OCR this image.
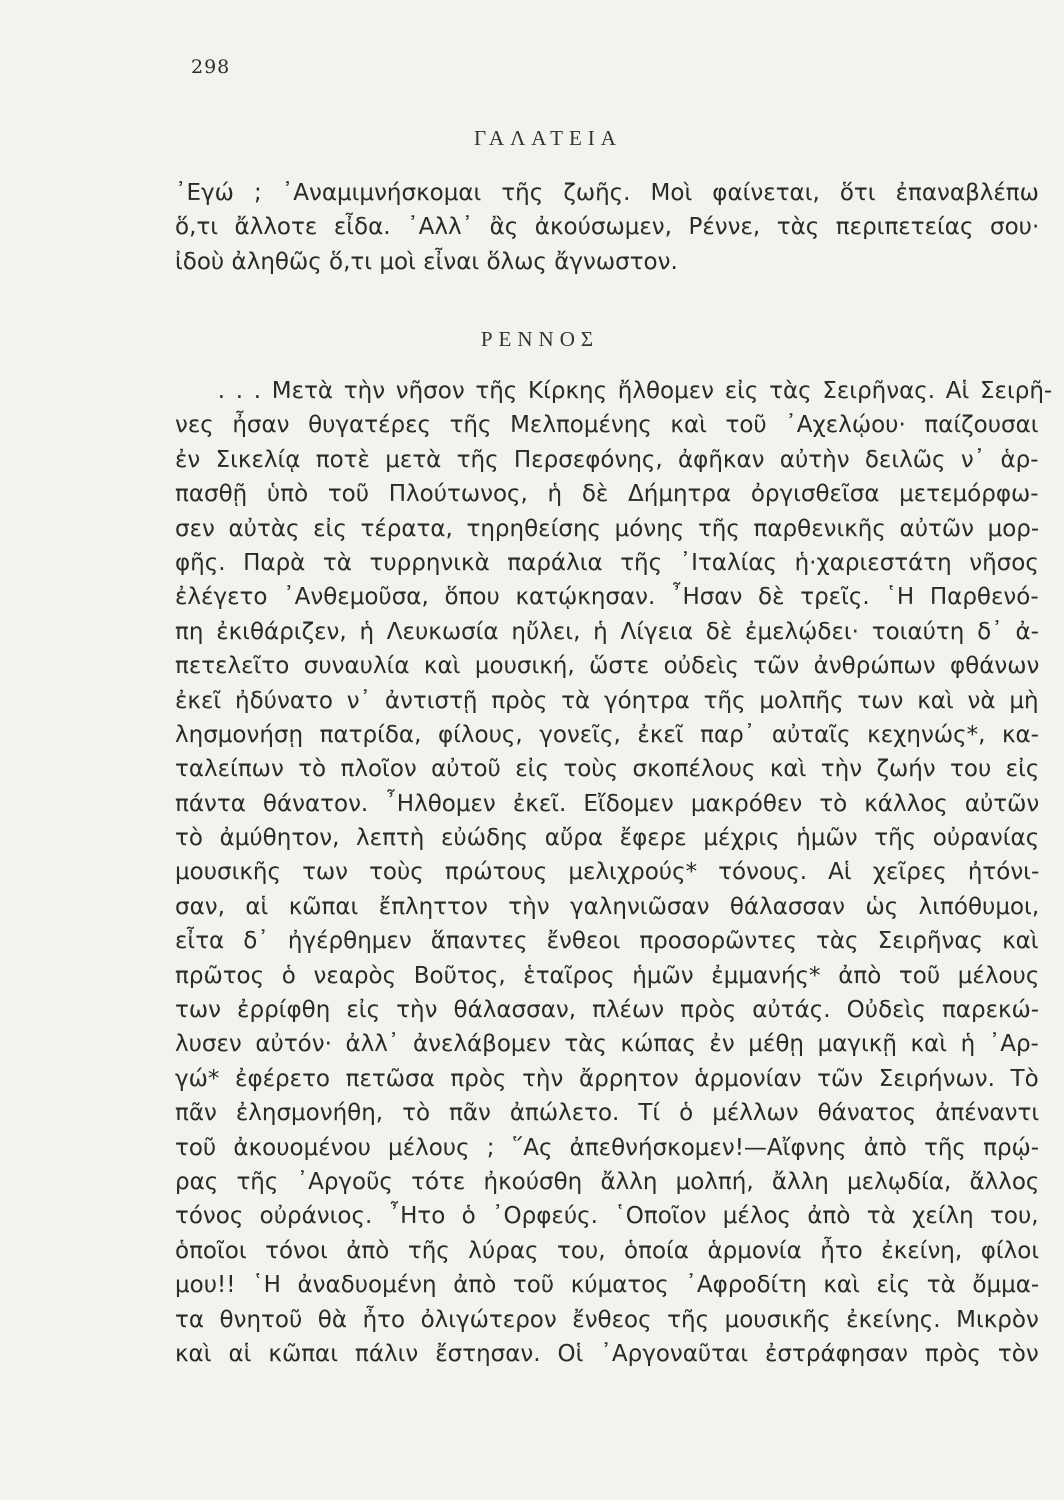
298
ΓΑΛΑΤΕΙΑ
᾿Εγώ ; ᾿Αναμιμνήσκομαι τῆς ζωῆς. Μοὶ φαίνεται, ὅτι ἐπαναβλέπω
ὅ,τι ἄλλοτε εἶδα. ᾿Αλλ᾿ ἂς ἀκούσωμεν, Ρέννε, τὰς περιπετείας σου·
ἰδοὺ ἀληθῶς ὅ,τι μοὶ εἶναι ὅλως ἄγνωστον.
ΡΕΝΝΟΣ
. . . Μετὰ τὴν νῆσον τῆς Κίρκης ἤλθομεν εἰς τὰς Σειρῆνας. Αἱ Σειρῆ-
νες ἦσαν θυγατέρες τῆς Μελπομένης καὶ τοῦ ᾿Αχελῴου· παίζουσαι
ἐν Σικελίᾳ ποτὲ μετὰ τῆς Περσεφόνης, ἀφῆκαν αὐτὴν δειλῶς ν᾿ ἁρ-
πασθῇ ὑπὸ τοῦ Πλούτωνος, ἡ δὲ Δήμητρα ὀργισθεῖσα μετεμόρφω-
σεν αὐτὰς εἰς τέρατα, τηρηθείσης μόνης τῆς παρθενικῆς αὐτῶν μορ-
φῆς. Παρὰ τὰ τυρρηνικὰ παράλια τῆς ᾿Ιταλίας ἡ·χαριεστάτη νῆσος
ἐλέγετο ᾿Ανθεμοῦσα, ὅπου κατῴκησαν. ῏Ησαν δὲ τρεῖς. ῾Η Παρθενό-
πη ἐκιθάριζεν, ἡ Λευκωσία ηὔλει, ἡ Λίγεια δὲ ἐμελῴδει· τοιαύτη δ᾿ ἀ-
πετελεῖτο συναυλία καὶ μουσική, ὥστε οὐδεὶς τῶν ἀνθρώπων φθάνων
ἐκεῖ ἠδύνατο ν᾿ ἀντιστῇ πρὸς τὰ γόητρα τῆς μολπῆς των καὶ νὰ μὴ
λησμονήσῃ πατρίδα, φίλους, γονεῖς, ἐκεῖ παρ᾿ αὐταῖς κεχηνώς*, κα-
ταλείπων τὸ πλοῖον αὐτοῦ εἰς τοὺς σκοπέλους καὶ τὴν ζωήν του εἰς
πάντα θάνατον. ῏Ηλθομεν ἐκεῖ. Εἴδομεν μακρόθεν τὸ κάλλος αὐτῶν
τὸ ἀμύθητον, λεπτὴ εὐώδης αὔρα ἔφερε μέχρις ἡμῶν τῆς οὐρανίας
μουσικῆς των τοὺς πρώτους μελιχρούς* τόνους. Αἱ χεῖρες ἠτόνι-
σαν, αἱ κῶπαι ἔπληττον τὴν γαληνιῶσαν θάλασσαν ὡς λιπόθυμοι,
εἶτα δ᾿ ἠγέρθημεν ἅπαντες ἔνθεοι προσορῶντες τὰς Σειρῆνας καὶ
πρῶτος ὁ νεαρὸς Βοῦτος, ἑταῖρος ἡμῶν ἐμμανής* ἀπὸ τοῦ μέλους
των ἐρρίφθη εἰς τὴν θάλασσαν, πλέων πρὸς αὐτάς. Οὐδεὶς παρεκώ-
λυσεν αὐτόν· ἀλλ᾿ ἀνελάβομεν τὰς κώπας ἐν μέθῃ μαγικῇ καὶ ἡ ᾿Αρ-
γώ* ἐφέρετο πετῶσα πρὸς τὴν ἄρρητον ἁρμονίαν τῶν Σειρήνων. Τὸ
πᾶν ἐλησμονήθη, τὸ πᾶν ἀπώλετο. Τί ὁ μέλλων θάνατος ἀπέναντι
τοῦ ἀκουομένου μέλους ; ῞Ας ἀπεθνήσκομεν!—Αἴφνης ἀπὸ τῆς πρῴ-
ρας τῆς ᾿Αργοῦς τότε ἠκούσθη ἄλλη μολπή, ἄλλη μελῳδία, ἄλλος
τόνος οὐράνιος. ῏Ητο ὁ ᾿Ορφεύς. ῾Οποῖον μέλος ἀπὸ τὰ χείλη του,
ὁποῖοι τόνοι ἀπὸ τῆς λύρας του, ὁποία ἁρμονία ἦτο ἐκείνη, φίλοι
μου!! ῾Η ἀναδυομένη ἀπὸ τοῦ κύματος ᾿Αφροδίτη καὶ εἰς τὰ ὄμμα-
τα θνητοῦ θὰ ἦτο ὀλιγώτερον ἔνθεος τῆς μουσικῆς ἐκείνης. Μικρὸν
καὶ αἱ κῶπαι πάλιν ἔστησαν. Οἱ ᾿Αργοναῦται ἐστράφησαν πρὸς τὸν
